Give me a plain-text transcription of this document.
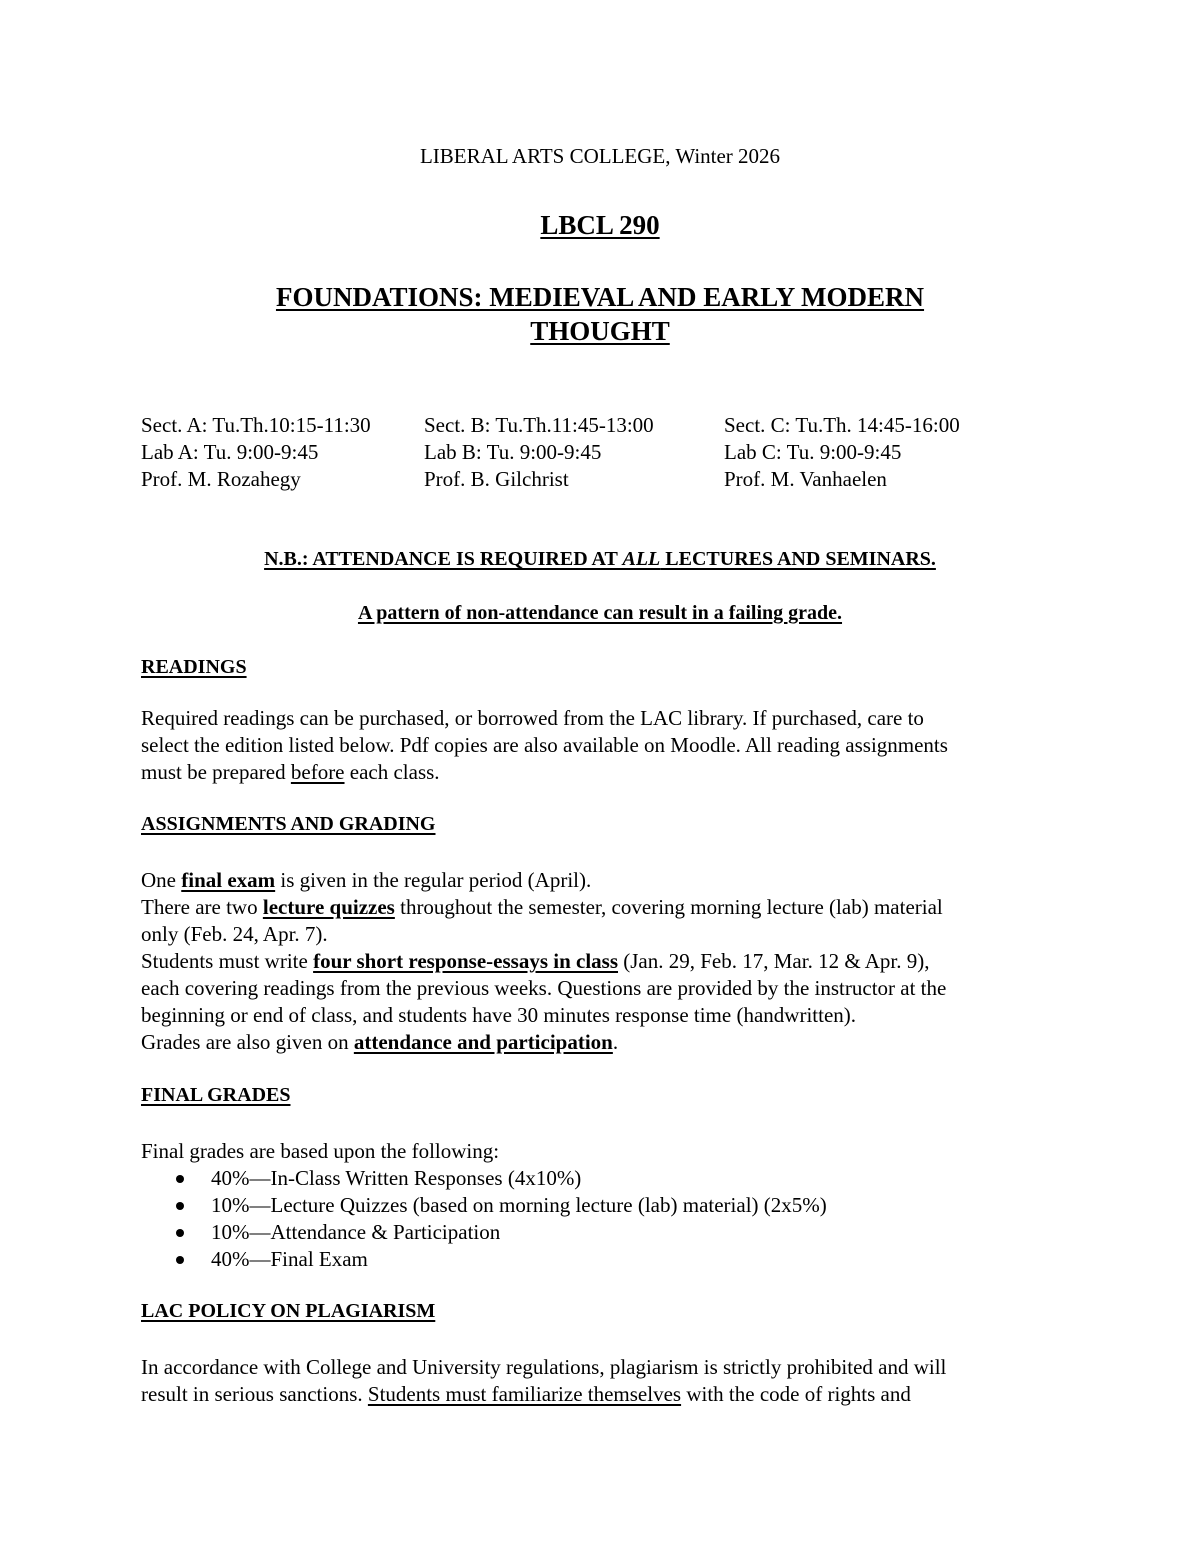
LIBERAL ARTS COLLEGE, Winter 2026
LBCL 290
FOUNDATIONS: MEDIEVAL AND EARLY MODERN
THOUGHT
Sect. A: Tu.Th.10:15-11:30
Lab A: Tu. 9:00-9:45
Prof. M. Rozahegy
Sect. B: Tu.Th.11:45-13:00
Lab B: Tu. 9:00-9:45
Prof. B. Gilchrist
Sect. C: Tu.Th. 14:45-16:00
Lab C: Tu. 9:00-9:45
Prof. M. Vanhaelen
N.B.: ATTENDANCE IS REQUIRED AT ALL LECTURES AND SEMINARS.
A pattern of non-attendance can result in a failing grade.
READINGS
Required readings can be purchased, or borrowed from the LAC library. If purchased, care to
select the edition listed below. Pdf copies are also available on Moodle. All reading assignments
must be prepared before each class.
ASSIGNMENTS AND GRADING
One final exam is given in the regular period (April).
There are two lecture quizzes throughout the semester, covering morning lecture (lab) material
only (Feb. 24, Apr. 7).
Students must write four short response-essays in class (Jan. 29, Feb. 17, Mar. 12 & Apr. 9),
each covering readings from the previous weeks. Questions are provided by the instructor at the
beginning or end of class, and students have 30 minutes response time (handwritten).
Grades are also given on attendance and participation.
FINAL GRADES
Final grades are based upon the following:
40%—In-Class Written Responses (4x10%)
10%—Lecture Quizzes (based on morning lecture (lab) material) (2x5%)
10%—Attendance & Participation
40%—Final Exam
LAC POLICY ON PLAGIARISM
In accordance with College and University regulations, plagiarism is strictly prohibited and will
result in serious sanctions. Students must familiarize themselves with the code of rights and
